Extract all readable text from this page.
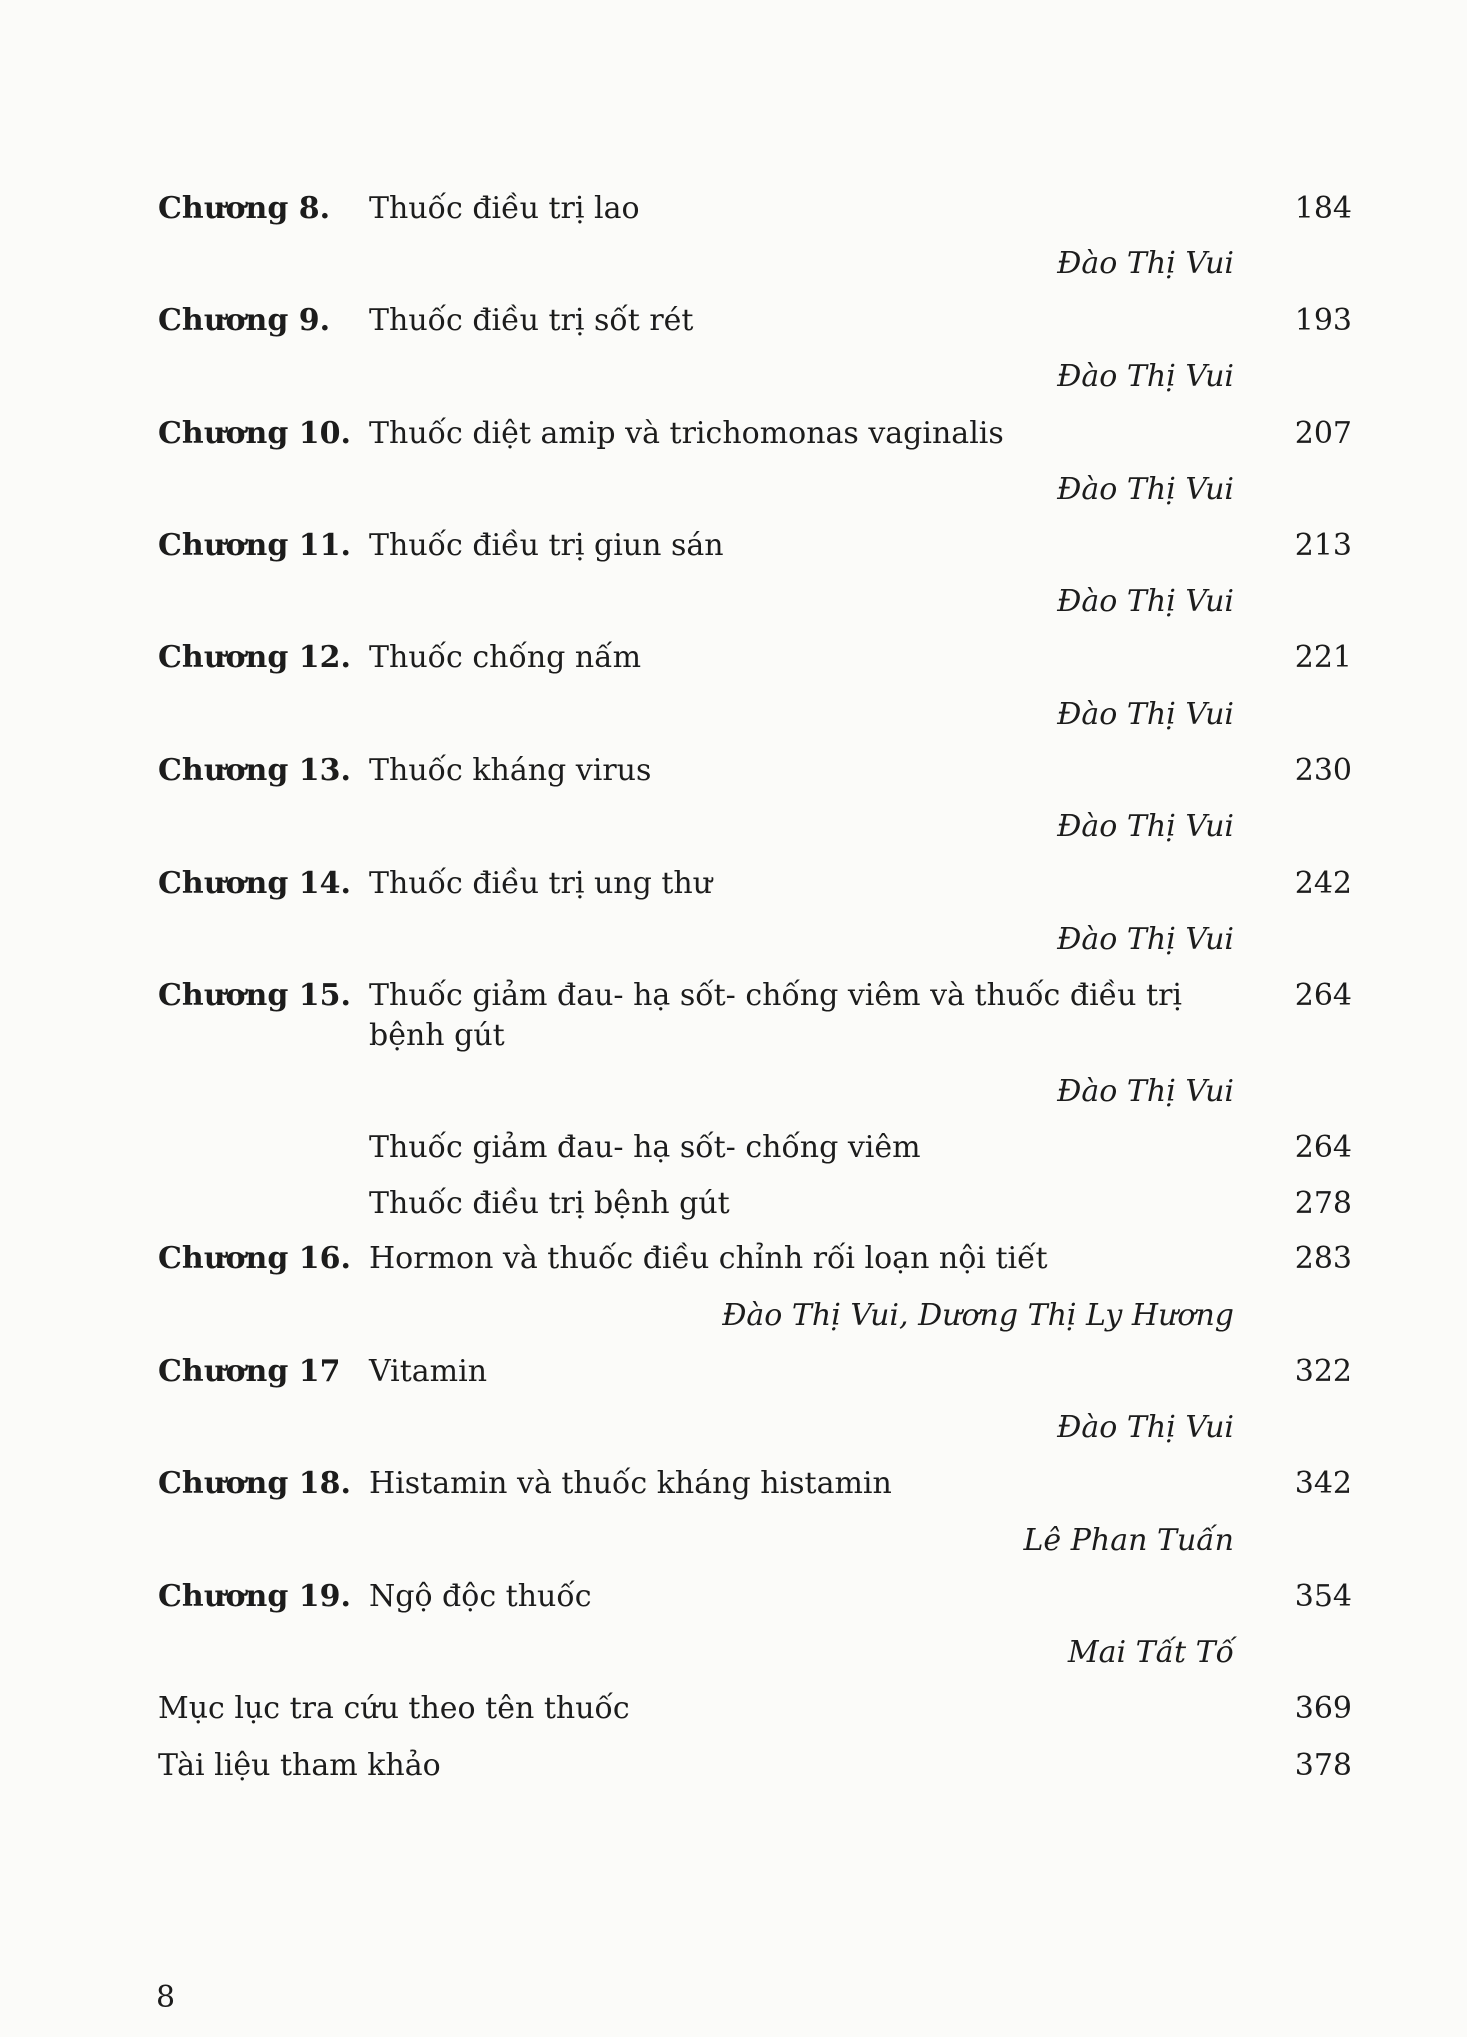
Chương 8. Thuốc điều trị lao	184
Đào Thị Vui
Chương 9. Thuốc điều trị sốt rét	193
Đào Thị Vui
Chương 10. Thuốc diệt amip và trichomonas vaginalis	207
Đào Thị Vui
Chương 11. Thuốc điều trị giun sán	213
Đào Thị Vui
Chương 12. Thuốc chống nấm	221
Đào Thị Vui
Chương 13. Thuốc kháng virus	230
Đào Thị Vui
Chương 14. Thuốc điều trị ung thư	242
Đào Thị Vui
Chương 15. Thuốc giảm đau- hạ sốt- chống viêm và thuốc điều trị	264
bệnh gút
Đào Thị Vui
Thuốc giảm đau- hạ sốt- chống viêm	264
Thuốc điều trị bệnh gút	278
Chương 16. Hormon và thuốc điều chỉnh rối loạn nội tiết	283
Đào Thị Vui, Dương Thị Ly Hương
Chương 17 Vitamin	322
Đào Thị Vui
Chương 18. Histamin và thuốc kháng histamin	342
Lê Phan Tuấn
Chương 19. Ngộ độc thuốc	354
Mai Tất Tố
Mục lục tra cứu theo tên thuốc	369
Tài liệu tham khảo	378
8
